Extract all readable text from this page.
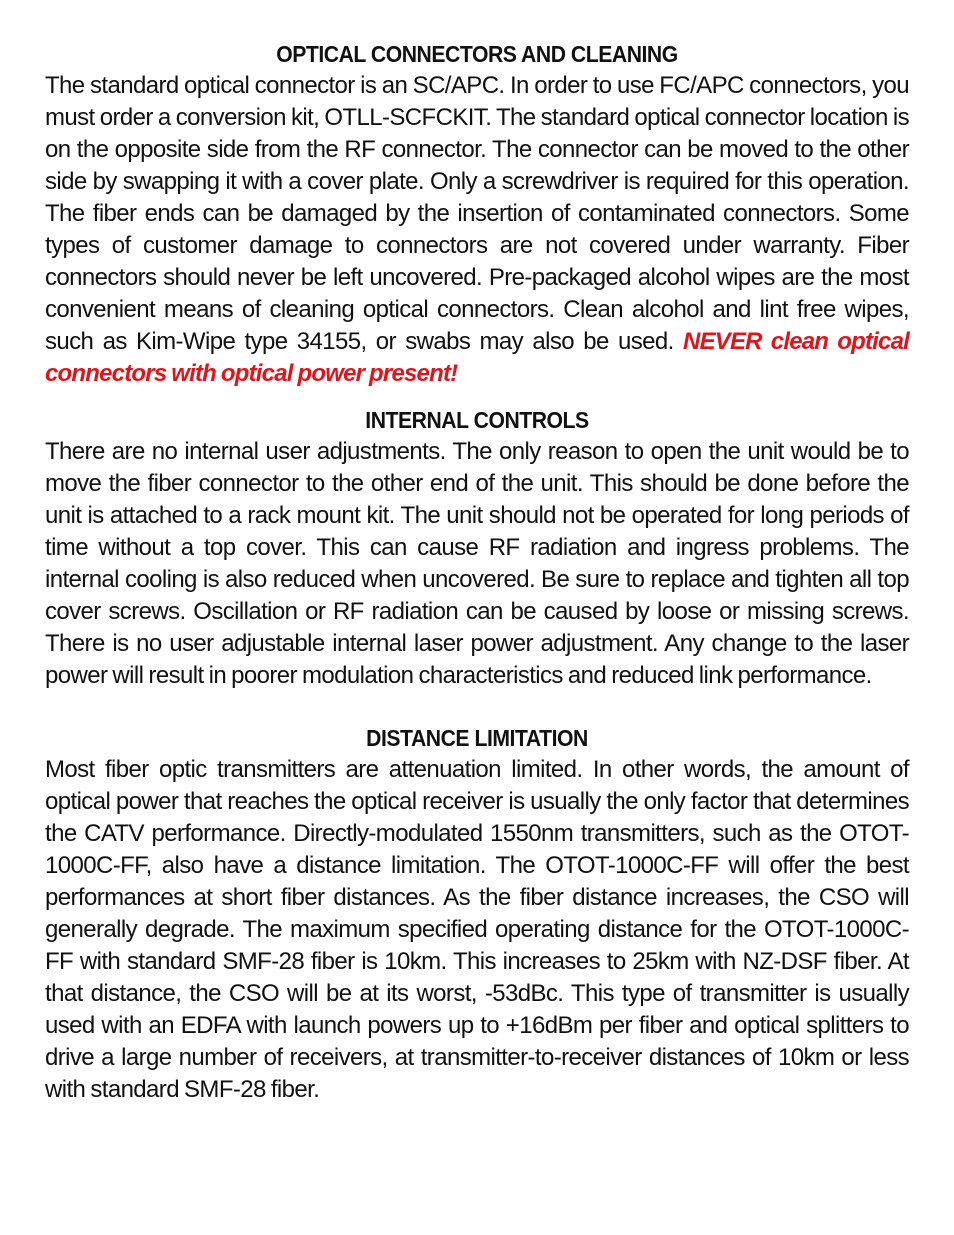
OPTICAL CONNECTORS AND CLEANING

The standard optical connector is an SC/APC. In order to use FC/APC connectors, you must order a conversion kit, OTLL-SCFCKIT. The standard optical connector location is on the opposite side from the RF connector. The connector can be moved to the other side by swapping it with a cover plate. Only a screwdriver is required for this operation. The fiber ends can be damaged by the insertion of contaminated connectors. Some types of customer damage to connectors are not covered under warranty. Fiber connectors should never be left uncovered. Pre-packaged alcohol wipes are the most convenient means of cleaning optical connectors. Clean alcohol and lint free wipes, such as Kim-Wipe type 34155, or swabs may also be used. NEVER clean optical connectors with optical power present!

INTERNAL CONTROLS

There are no internal user adjustments. The only reason to open the unit would be to move the fiber connector to the other end of the unit. This should be done before the unit is attached to a rack mount kit. The unit should not be operated for long periods of time without a top cover. This can cause RF radiation and ingress problems. The internal cooling is also reduced when uncovered. Be sure to replace and tighten all top cover screws. Oscillation or RF radiation can be caused by loose or missing screws. There is no user adjustable internal laser power adjustment. Any change to the laser power will result in poorer modulation characteristics and reduced link performance.

DISTANCE LIMITATION

Most fiber optic transmitters are attenuation limited. In other words, the amount of optical power that reaches the optical receiver is usually the only factor that determines the CATV performance. Directly-modulated 1550nm transmitters, such as the OTOT-1000C-FF, also have a distance limitation. The OTOT-1000C-FF will offer the best performances at short fiber distances. As the fiber distance increases, the CSO will generally degrade. The maximum specified operating distance for the OTOT-1000C-FF with standard SMF-28 fiber is 10km. This increases to 25km with NZ-DSF fiber. At that distance, the CSO will be at its worst, -53dBc. This type of transmitter is usually used with an EDFA with launch powers up to +16dBm per fiber and optical splitters to drive a large number of receivers, at transmitter-to-receiver distances of 10km or less with standard SMF-28 fiber.
